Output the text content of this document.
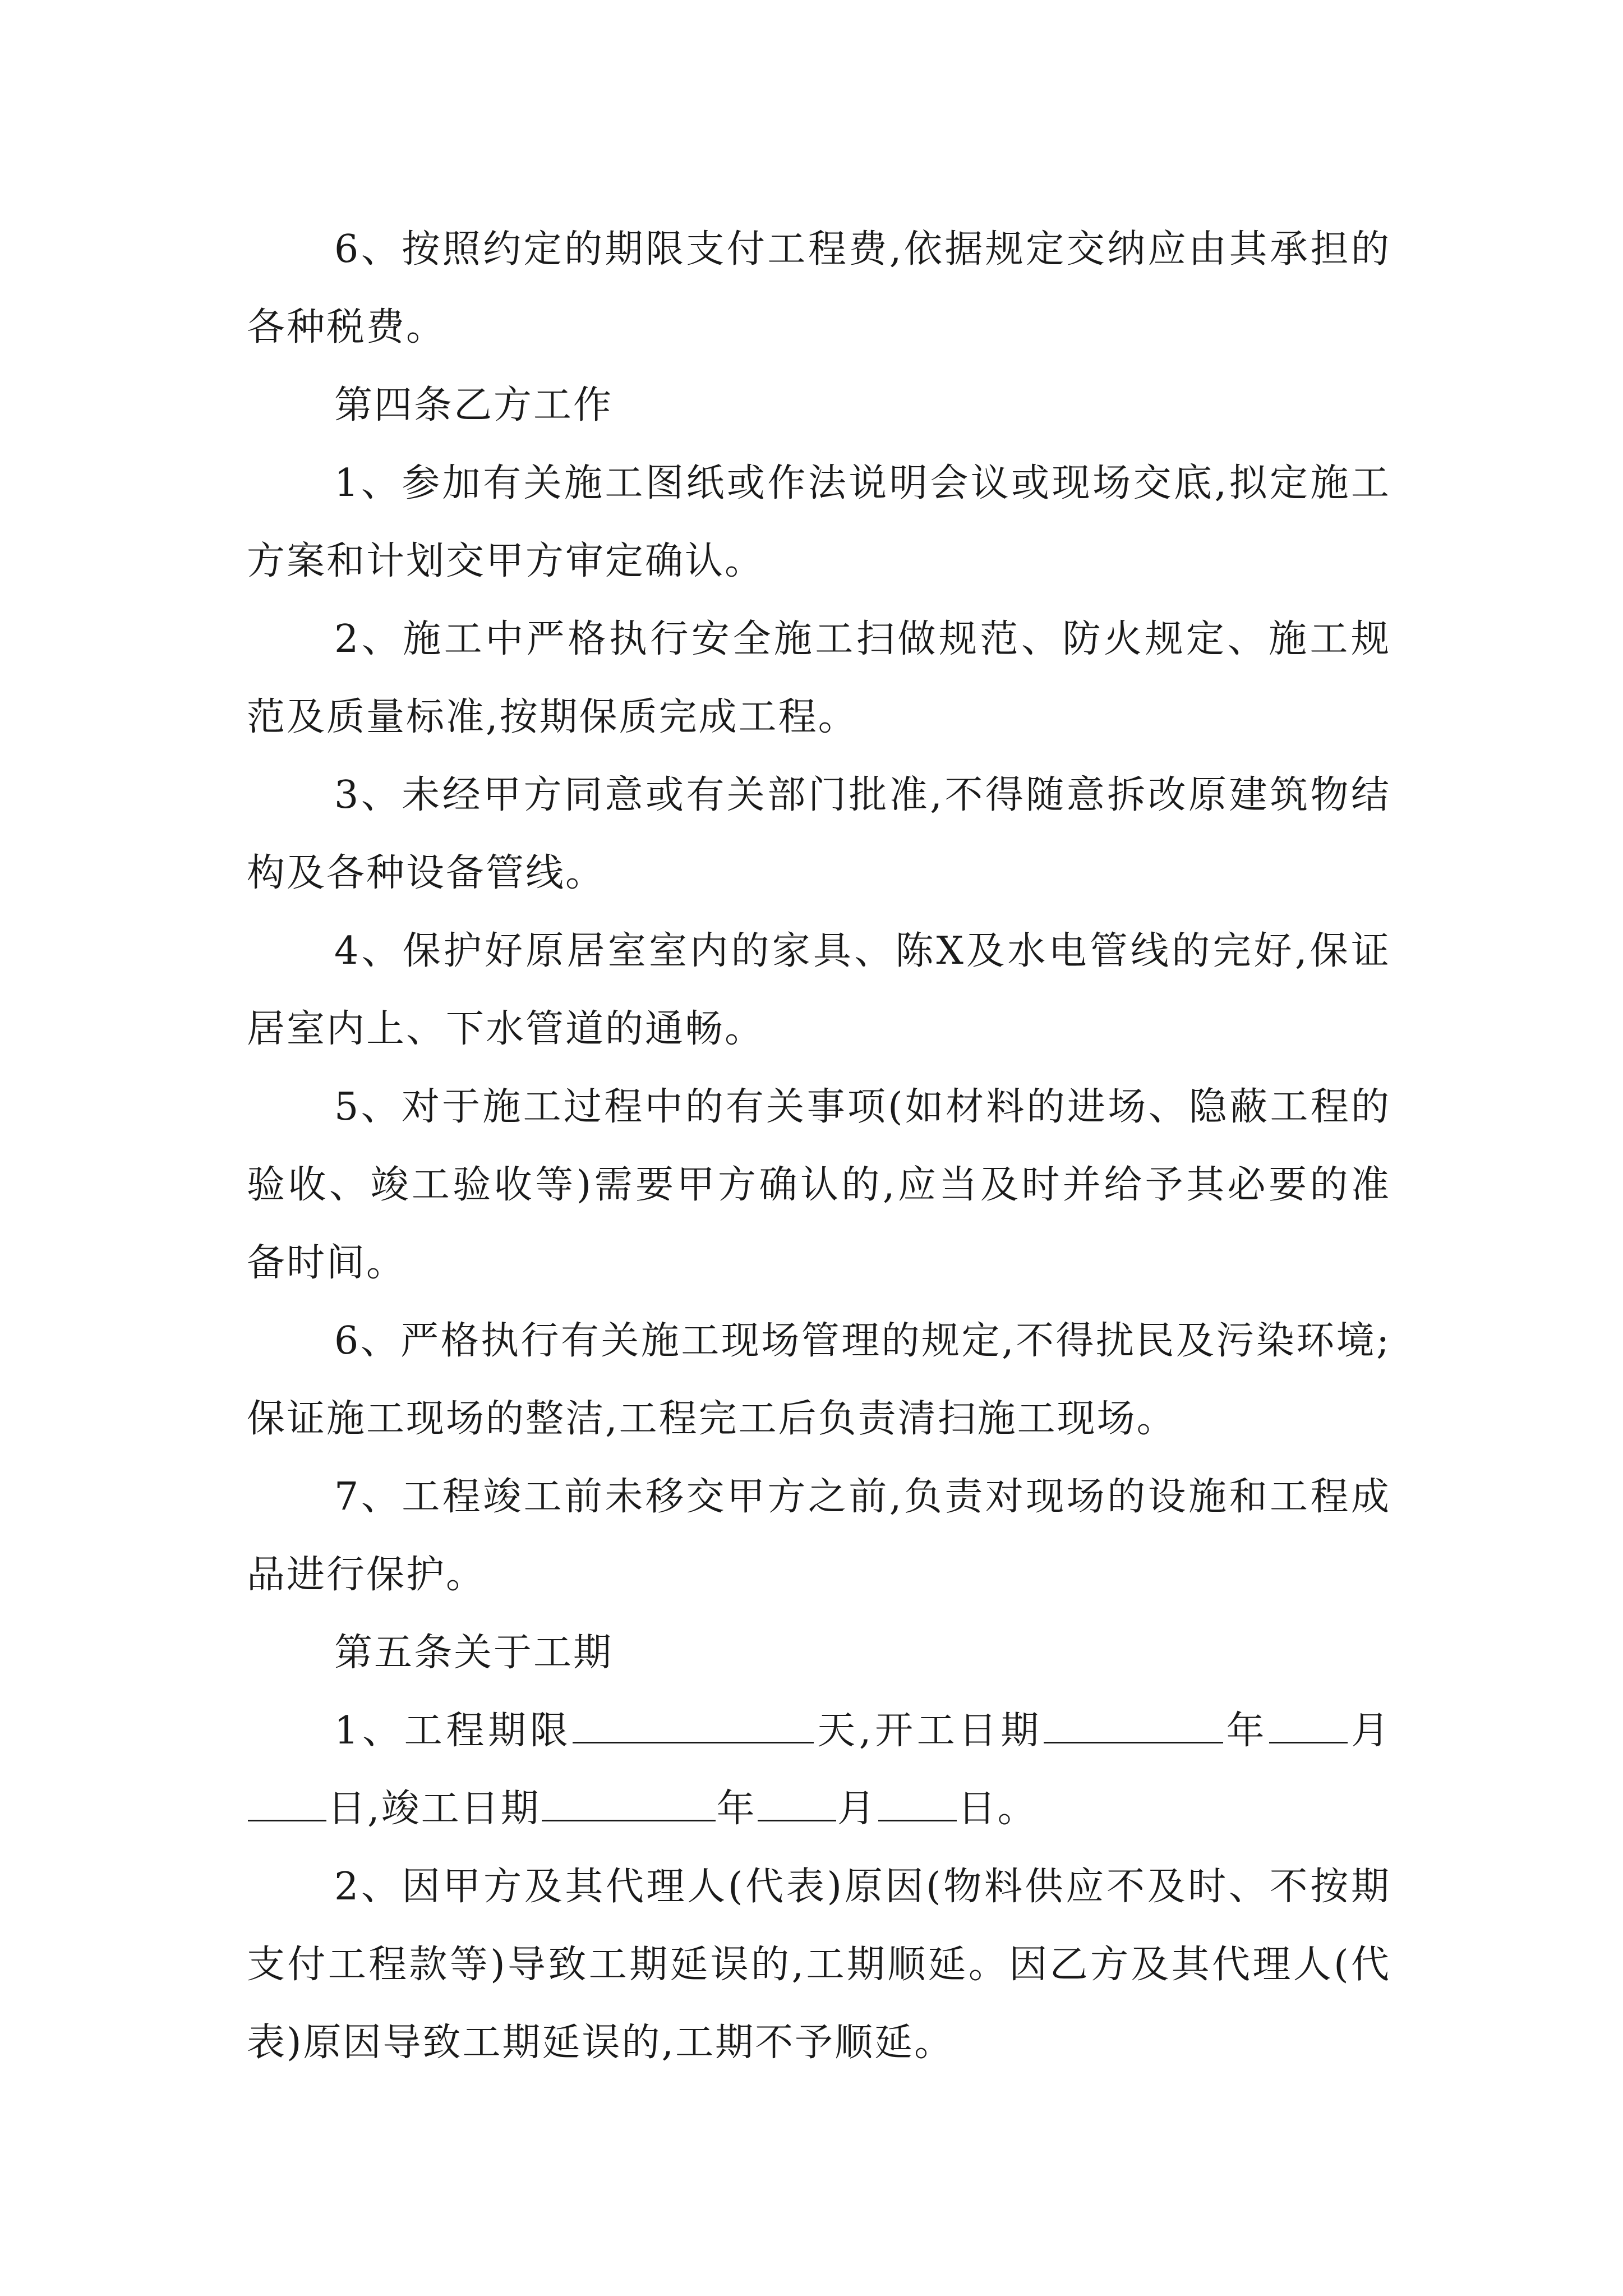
6、按照约定的期限支付工程费,依据规定交纳应由其承担的各种税费。

第四条乙方工作

1、参加有关施工图纸或作法说明会议或现场交底,拟定施工方案和计划交甲方审定确认。

2、施工中严格执行安全施工扫做规范、防火规定、施工规范及质量标准,按期保质完成工程。

3、未经甲方同意或有关部门批准,不得随意拆改原建筑物结构及各种设备管线。

4、保护好原居室室内的家具、陈X及水电管线的完好,保证居室内上、下水管道的通畅。

5、对于施工过程中的有关事项(如材料的进场、隐蔽工程的验收、竣工验收等)需要甲方确认的,应当及时并给予其必要的准备时间。

6、严格执行有关施工现场管理的规定,不得扰民及污染环境;保证施工现场的整洁,工程完工后负责清扫施工现场。

7、工程竣工前未移交甲方之前,负责对现场的设施和工程成品进行保护。

第五条关于工期

1、工程期限	天,开工日期	年 月日,竣工日期	年 月 日。

2、因甲方及其代理人(代表)原因(物料供应不及时、不按期支付工程款等)导致工期延误的,工期顺延。因乙方及其代理人(代表)原因导致工期延误的,工期不予顺延。
